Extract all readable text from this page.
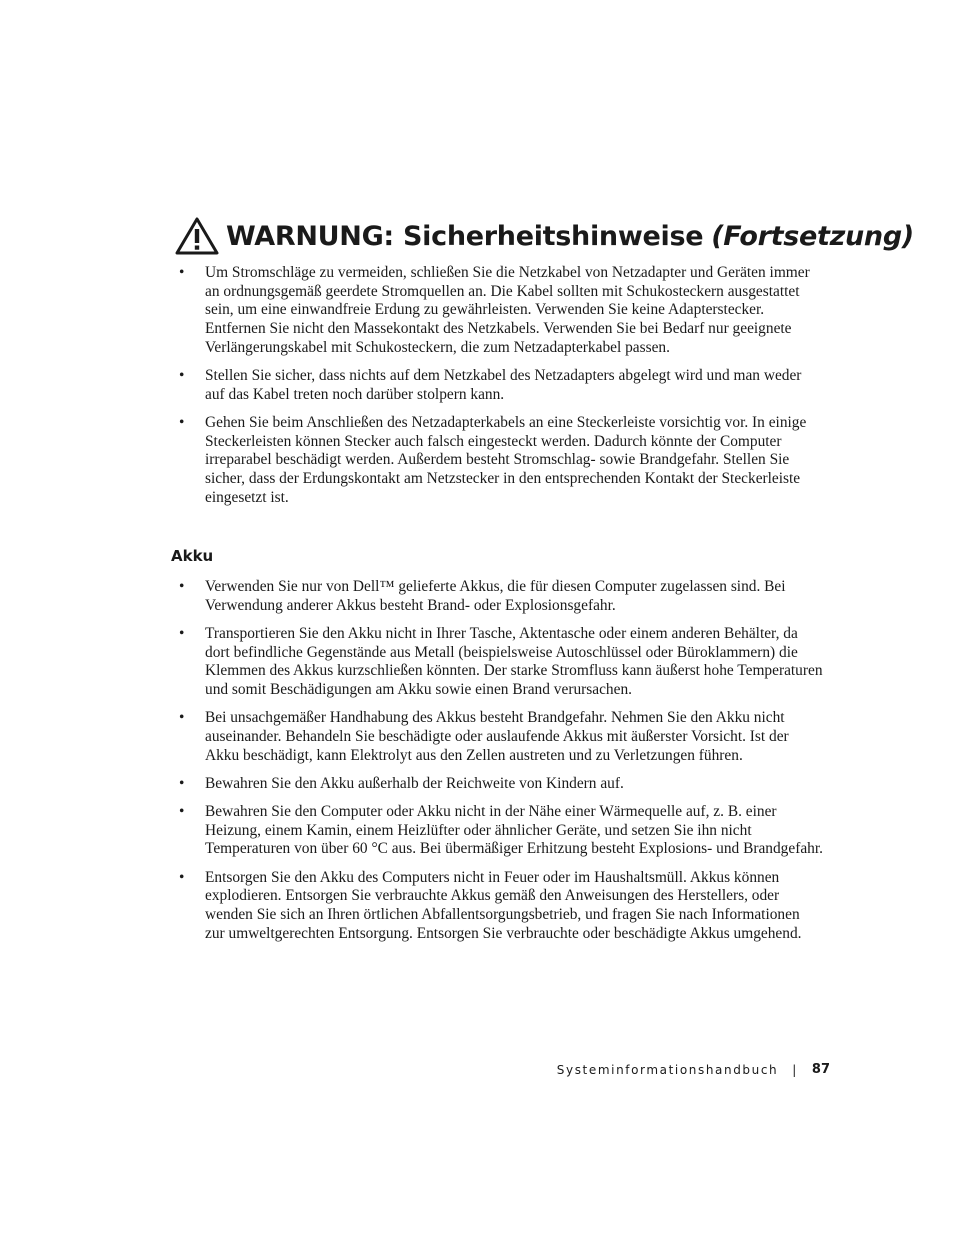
WARNUNG: Sicherheitshinweise (Fortsetzung)
• Um Stromschläge zu vermeiden, schließen Sie die Netzkabel von Netzadapter und Geräten immer an ordnungsgemäß geerdete Stromquellen an. Die Kabel sollten mit Schukosteckern ausgestattet sein, um eine einwandfreie Erdung zu gewährleisten. Verwenden Sie keine Adapterstecker. Entfernen Sie nicht den Massekontakt des Netzkabels. Verwenden Sie bei Bedarf nur geeignete Verlängerungskabel mit Schukosteckern, die zum Netzadapterkabel passen.
• Stellen Sie sicher, dass nichts auf dem Netzkabel des Netzadapters abgelegt wird und man weder auf das Kabel treten noch darüber stolpern kann.
• Gehen Sie beim Anschließen des Netzadapterkabels an eine Steckerleiste vorsichtig vor. In einige Steckerleisten können Stecker auch falsch eingesteckt werden. Dadurch könnte der Computer irreparabel beschädigt werden. Außerdem besteht Stromschlag- sowie Brandgefahr. Stellen Sie sicher, dass der Erdungskontakt am Netzstecker in den entsprechenden Kontakt der Steckerleiste eingesetzt ist.
Akku
• Verwenden Sie nur von Dell™ gelieferte Akkus, die für diesen Computer zugelassen sind. Bei Verwendung anderer Akkus besteht Brand- oder Explosionsgefahr.
• Transportieren Sie den Akku nicht in Ihrer Tasche, Aktentasche oder einem anderen Behälter, da dort befindliche Gegenstände aus Metall (beispielsweise Autoschlüssel oder Büroklammern) die Klemmen des Akkus kurzschließen könnten. Der starke Stromfluss kann äußerst hohe Temperaturen und somit Beschädigungen am Akku sowie einen Brand verursachen.
• Bei unsachgemäßer Handhabung des Akkus besteht Brandgefahr. Nehmen Sie den Akku nicht auseinander. Behandeln Sie beschädigte oder auslaufende Akkus mit äußerster Vorsicht. Ist der Akku beschädigt, kann Elektrolyt aus den Zellen austreten und zu Verletzungen führen.
• Bewahren Sie den Akku außerhalb der Reichweite von Kindern auf.
• Bewahren Sie den Computer oder Akku nicht in der Nähe einer Wärmequelle auf, z. B. einer Heizung, einem Kamin, einem Heizlüfter oder ähnlicher Geräte, und setzen Sie ihn nicht Temperaturen von über 60 °C aus. Bei übermäßiger Erhitzung besteht Explosions- und Brandgefahr.
• Entsorgen Sie den Akku des Computers nicht in Feuer oder im Haushaltsmüll. Akkus können explodieren. Entsorgen Sie verbrauchte Akkus gemäß den Anweisungen des Herstellers, oder wenden Sie sich an Ihren örtlichen Abfallentsorgungsbetrieb, und fragen Sie nach Informationen zur umweltgerechten Entsorgung. Entsorgen Sie verbrauchte oder beschädigte Akkus umgehend.
Systeminformationshandbuch | 87
